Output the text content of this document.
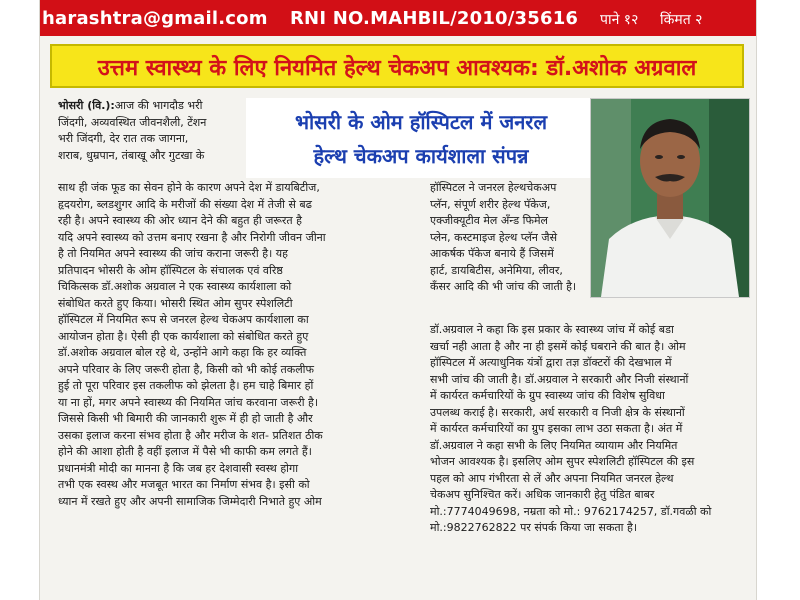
harashtra@gmail.com RNI NO.MAHBIL/2010/35616 पाने १२ किंमत २
उत्तम स्वास्थ्य के लिए नियमित हेल्थ चेकअप आवश्यक: डॉ.अशोक अग्रवाल
भोसरी के ओम हॉस्पिटल में जनरल
हेल्थ चेकअप कार्यशाला संपन्न

भोसरी (वि.):आज की भागदौड भरी

जिंदगी, अव्यवस्थित जीवनशैली, टेंशन

भरी जिंदगी, देर रात तक जागना,

शराब, धुम्रपान, तंबाखू और गुटखा के

साथ ही जंक फूड का सेवन होने के कारण अपने देश में डायबिटीज,

हृदयरोग, ब्लडशुगर आदि के मरीजों की संख्या देश में तेजी से बढ

रही है। अपने स्वास्थ्य की ओर ध्यान देने की बहुत ही जरूरत है

यदि अपने स्वास्थ्य को उत्तम बनाए रखना है और निरोगी जीवन जीना

है तो नियमित अपने स्वास्थ्य की जांच कराना जरूरी है। यह

प्रतिपादन भोसरी के ओम हॉस्पिटल के संचालक एवं वरिष्ठ

चिकित्सक डॉ.अशोक अग्रवाल ने एक स्वास्थ्य कार्यशाला को

संबोधित करते हुए किया। भोसरी स्थित ओम सुपर स्पेशलिटी

हॉस्पिटल में नियमित रूप से जनरल हेल्थ चेकअप कार्यशाला का

आयोजन होता है। ऐसी ही एक कार्यशाला को संबोधित करते हुए

डॉ.अशोक अग्रवाल बोल रहे थे, उन्होंने आगे कहा कि हर व्यक्ति

अपने परिवार के लिए जरूरी होता है, किसी को भी कोई तकलीफ

हुई तो पूरा परिवार इस तकलीफ को झेलता है। हम चाहे बिमार हों

या ना हों, मगर अपने स्वास्थ्य की नियमित जांच करवाना जरूरी है।

जिससे किसी भी बिमारी की जानकारी शुरू में ही हो जाती है और

उसका इलाज करना संभव होता है और मरीज के शत- प्रतिशत ठीक

होने की आशा होती है वहीं इलाज में पैसे भी काफी कम लगते हैं।

प्रधानमंत्री मोदी का मानना है कि जब हर देशवासी स्वस्थ होगा

तभी एक स्वस्थ और मजबूत भारत का निर्माण संभव है। इसी को

ध्यान में रखते हुए और अपनी सामाजिक जिम्मेदारी निभाते हुए ओम

हॉस्पिटल ने जनरल हेल्थचेकअप

प्लॅन, संपूर्ण शरीर हेल्थ पॅकेज,

एक्जीक्यूटीव मेल अँन्ड फिमेल

प्लेन, कस्टमाइज हेल्थ प्लॅन जैसे

आकर्षक पॅकेज बनाये हैं जिसमें

हार्ट, डायबिटीस, अनेमिया, लीवर,

कॅंसर आदि की भी जांच की जाती है।

डॉ.अग्रवाल ने कहा कि इस प्रकार के स्वास्थ्य जांच में कोई बडा

खर्चा नही आता है और ना ही इसमें कोई घबराने की बात है। ओम

हॉस्पिटल में अत्याधुनिक यंत्रों द्वारा तज्ञ डॉक्टरों की देखभाल में

सभी जांच की जाती है। डॉ.अग्रवाल ने सरकारी और निजी संस्थानों

में कार्यरत कर्मचारियों के ग्रुप स्वास्थ्य जांच की विशेष सुविधा

उपलब्ध कराई है। सरकारी, अर्ध सरकारी व निजी क्षेत्र के संस्थानों

में कार्यरत कर्मचारियों का ग्रुप इसका लाभ उठा सकता है। अंत में

डॉ.अग्रवाल ने कहा सभी के लिए नियमित व्यायाम और नियमित

भोजन आवश्यक है। इसलिए ओम सुपर स्पेशलिटी हॉस्पिटल की इस

पहल को आप गंभीरता से लें और अपना नियमित जनरल हेल्थ

चेकअप सुनिश्चित करें। अधिक जानकारी हेतु पंडित बाबर

मो.:7774049698, नम्रता को मो.: 9762174257, डॉ.गवळी को

मो.:9822762822 पर संपर्क किया जा सकता है।
